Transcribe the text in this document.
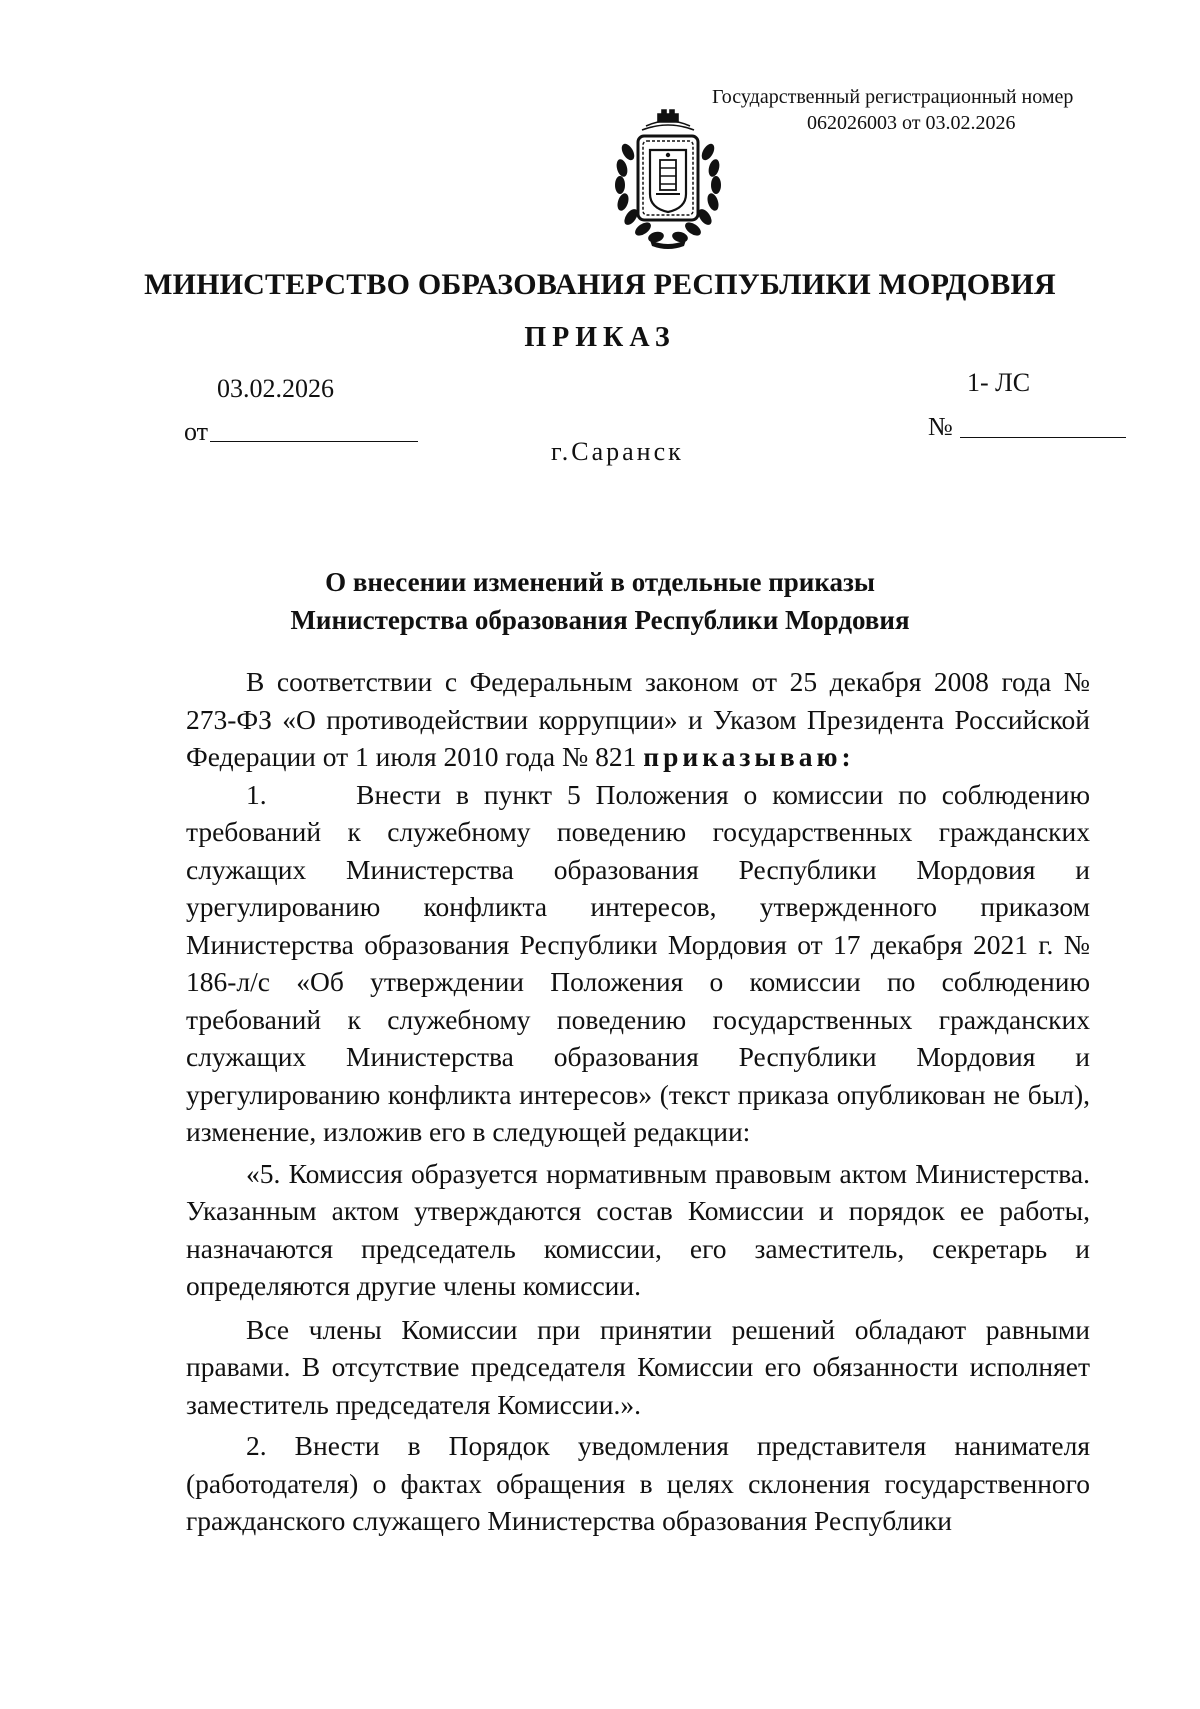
Государственный регистрационный номер
062026003 от 03.02.2026
МИНИСТЕРСТВО ОБРАЗОВАНИЯ РЕСПУБЛИКИ МОРДОВИЯ
ПРИКАЗ
03.02.2026	1- ЛС
от	№
г.Саранск
О внесении изменений в отдельные приказы
Министерства образования Республики Мордовия

В соответствии с Федеральным законом от 25 декабря 2008 года № 273-ФЗ «О противодействии коррупции» и Указом Президента Российской Федерации от 1 июля 2010 года № 821 приказываю:

1.      Внести в пункт 5 Положения о комиссии по соблюдению требований к служебному поведению государственных гражданских служащих Министерства образования Республики Мордовия и урегулированию конфликта интересов, утвержденного приказом Министерства образования Республики Мордовия от 17 декабря 2021 г. № 186-л/с «Об утверждении Положения о комиссии по соблюдению требований к служебному поведению государственных гражданских служащих Министерства образования Республики Мордовия и урегулированию конфликта интересов» (текст приказа опубликован не был), изменение, изложив его в следующей редакции:

«5. Комиссия образуется нормативным правовым актом Министерства. Указанным актом утверждаются состав Комиссии и порядок ее работы, назначаются председатель комиссии, его заместитель, секретарь и определяются другие члены комиссии.

Все члены Комиссии при принятии решений обладают равными правами. В отсутствие председателя Комиссии его обязанности исполняет заместитель председателя Комиссии.».

2. Внести в Порядок уведомления представителя нанимателя (работодателя) о фактах обращения в целях склонения государственного гражданского служащего Министерства образования Республики
